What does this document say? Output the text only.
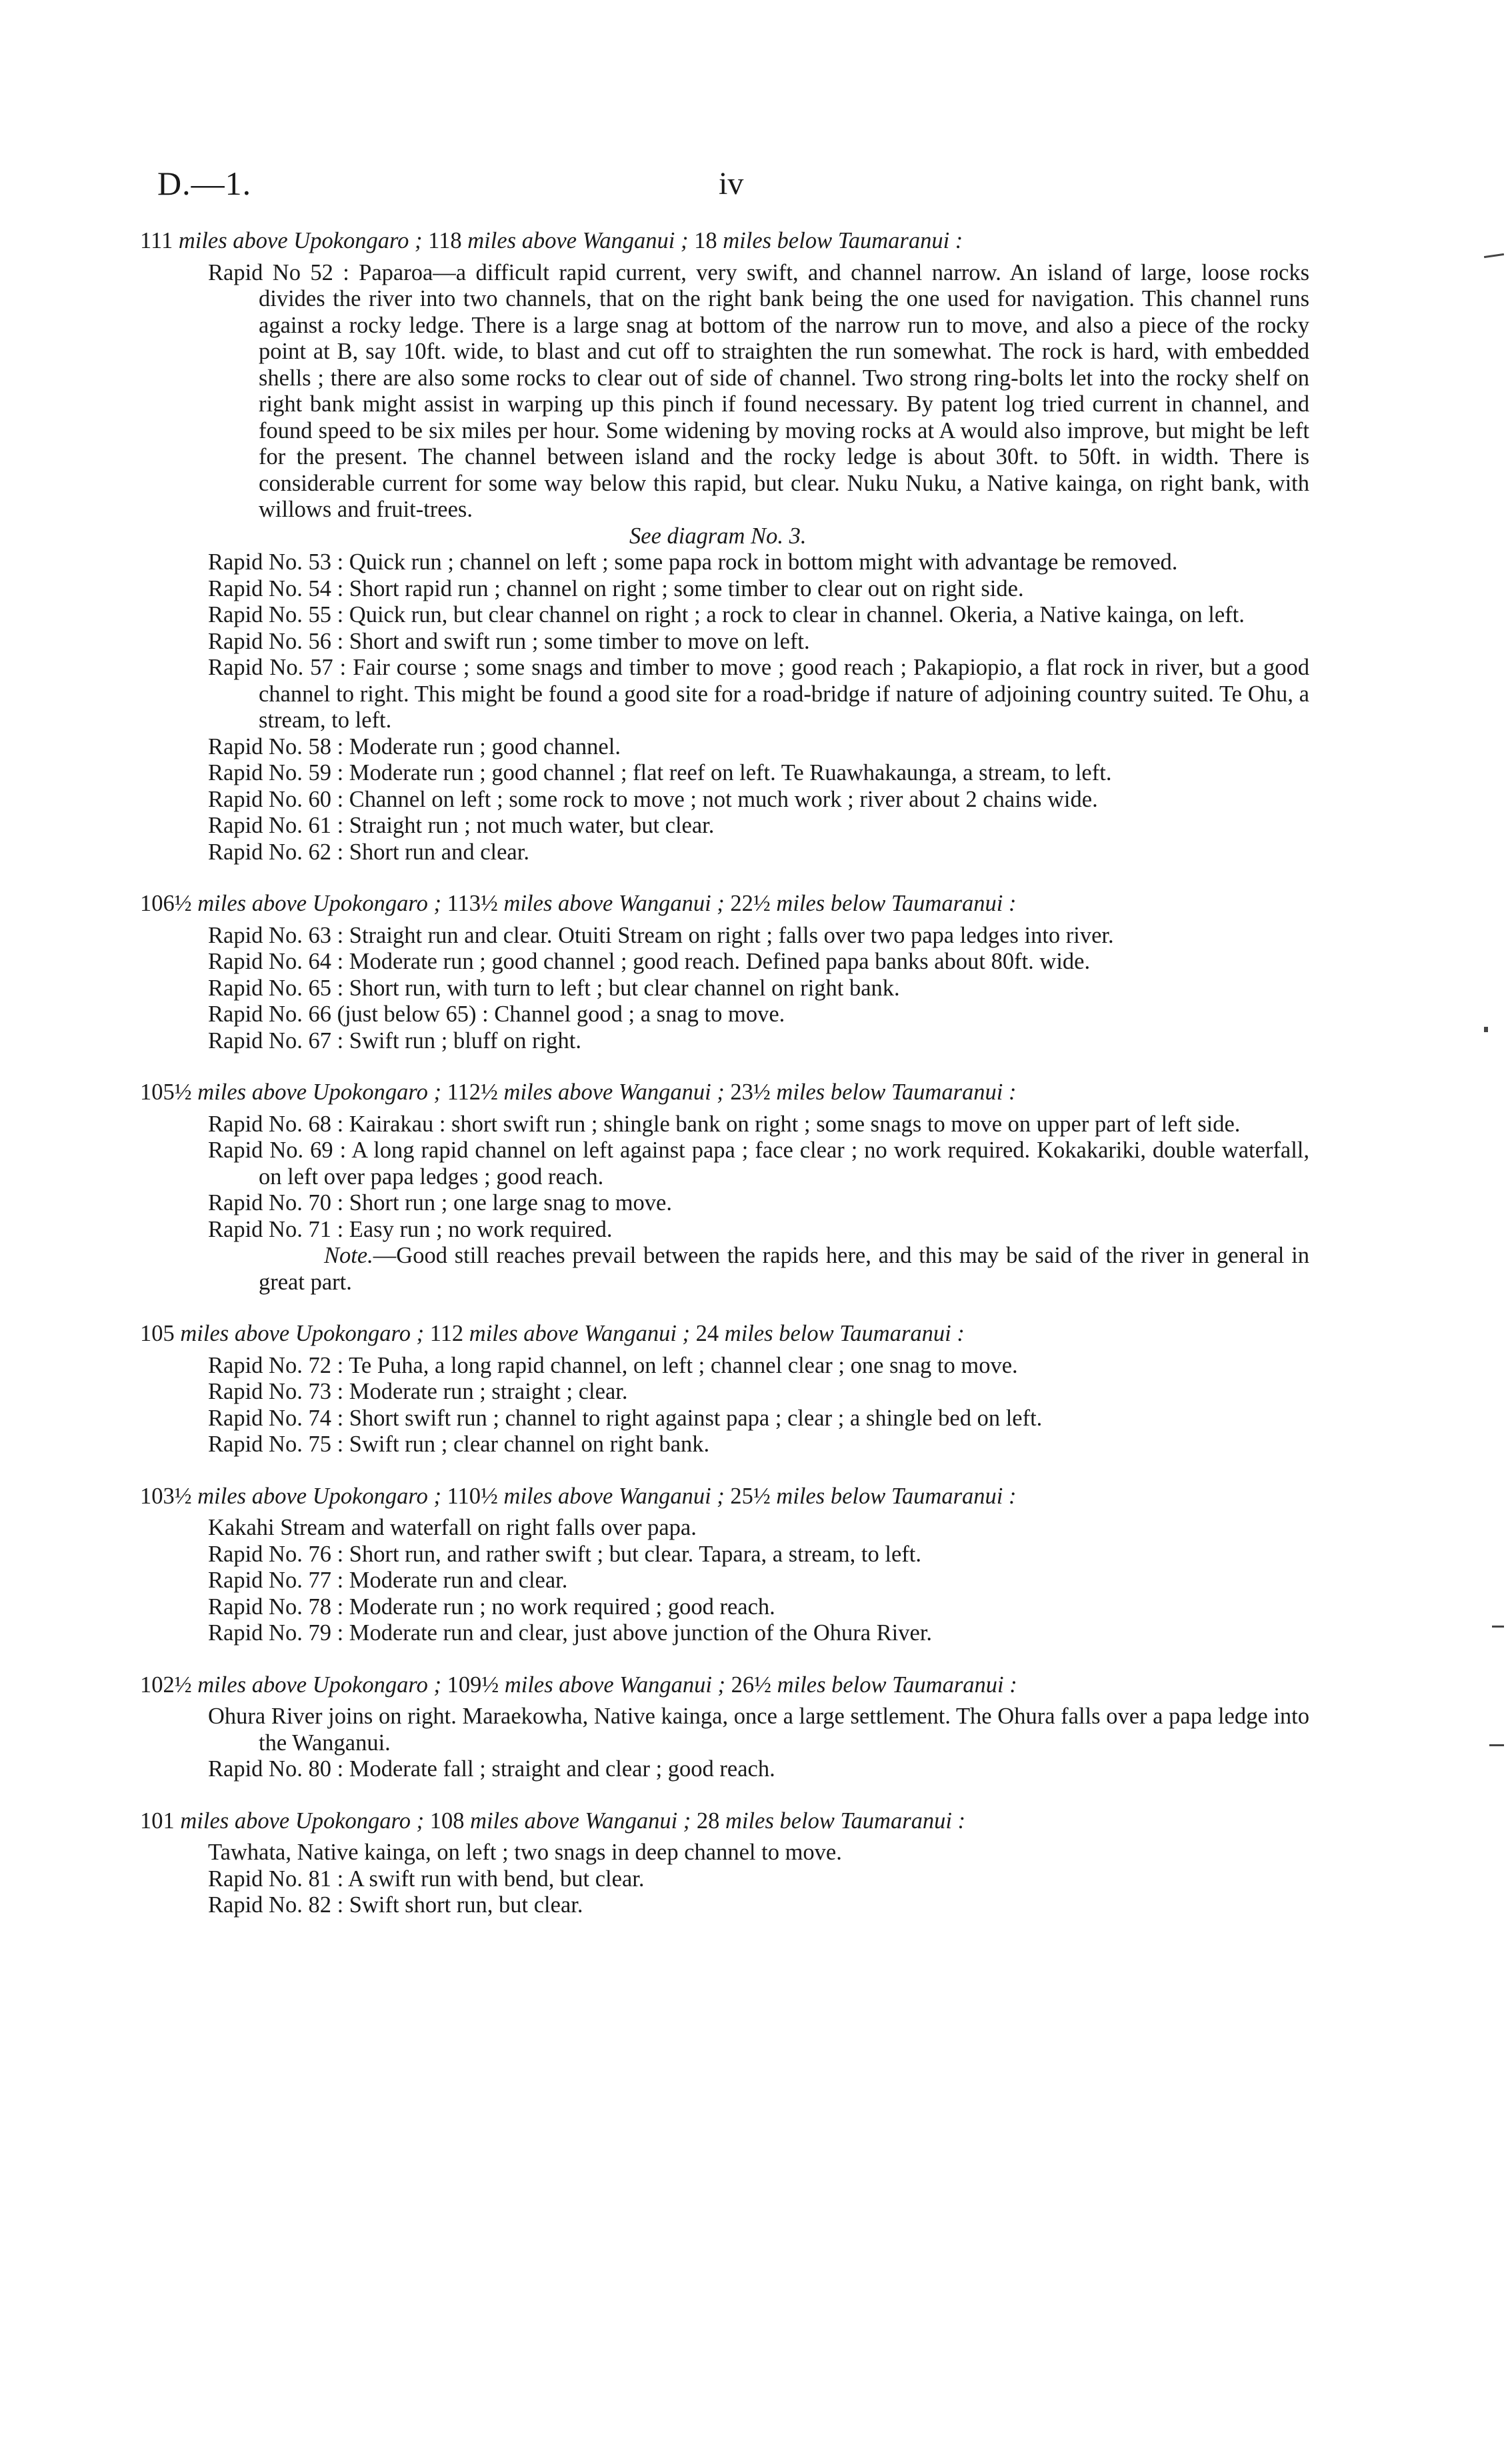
D.—1.	iv
111 miles above Upokongaro ; 118 miles above Wanganui ; 18 miles below Taumaranui :
Rapid No 52 : Paparoa—a difficult rapid current, very swift, and channel narrow. An island of large, loose rocks divides the river into two channels, that on the right bank being the one used for navigation. This channel runs against a rocky ledge. There is a large snag at bottom of the narrow run to move, and also a piece of the rocky point at B, say 10ft. wide, to blast and cut off to straighten the run somewhat. The rock is hard, with embedded shells ; there are also some rocks to clear out of side of channel. Two strong ring-bolts let into the rocky shelf on right bank might assist in warping up this pinch if found necessary. By patent log tried current in channel, and found speed to be six miles per hour. Some widening by moving rocks at A would also improve, but might be left for the present. The channel between island and the rocky ledge is about 30ft. to 50ft. in width. There is considerable current for some way below this rapid, but clear. Nuku Nuku, a Native kainga, on right bank, with willows and fruit-trees.
See diagram No. 3.
Rapid No. 53 : Quick run ; channel on left ; some papa rock in bottom might with advantage be removed.
Rapid No. 54 : Short rapid run ; channel on right ; some timber to clear out on right side.
Rapid No. 55 : Quick run, but clear channel on right ; a rock to clear in channel. Okeria, a Native kainga, on left.
Rapid No. 56 : Short and swift run ; some timber to move on left.
Rapid No. 57 : Fair course ; some snags and timber to move ; good reach ; Pakapiopio, a flat rock in river, but a good channel to right. This might be found a good site for a road-bridge if nature of adjoining country suited. Te Ohu, a stream, to left.
Rapid No. 58 : Moderate run ; good channel.
Rapid No. 59 : Moderate run ; good channel ; flat reef on left. Te Ruawhakaunga, a stream, to left.
Rapid No. 60 : Channel on left ; some rock to move ; not much work ; river about 2 chains wide.
Rapid No. 61 : Straight run ; not much water, but clear.
Rapid No. 62 : Short run and clear.
106½ miles above Upokongaro ; 113½ miles above Wanganui ; 22½ miles below Taumaranui :
Rapid No. 63 : Straight run and clear. Otuiti Stream on right ; falls over two papa ledges into river.
Rapid No. 64 : Moderate run ; good channel ; good reach. Defined papa banks about 80ft. wide.
Rapid No. 65 : Short run, with turn to left ; but clear channel on right bank.
Rapid No. 66 (just below 65) : Channel good ; a snag to move.
Rapid No. 67 : Swift run ; bluff on right.
105½ miles above Upokongaro ; 112½ miles above Wanganui ; 23½ miles below Taumaranui :
Rapid No. 68 : Kairakau : short swift run ; shingle bank on right ; some snags to move on upper part of left side.
Rapid No. 69 : A long rapid channel on left against papa ; face clear ; no work required. Kokakariki, double waterfall, on left over papa ledges ; good reach.
Rapid No. 70 : Short run ; one large snag to move.
Rapid No. 71 : Easy run ; no work required.
Note.—Good still reaches prevail between the rapids here, and this may be said of the river in general in great part.
105 miles above Upokongaro ; 112 miles above Wanganui ; 24 miles below Taumaranui :
Rapid No. 72 : Te Puha, a long rapid channel, on left ; channel clear ; one snag to move.
Rapid No. 73 : Moderate run ; straight ; clear.
Rapid No. 74 : Short swift run ; channel to right against papa ; clear ; a shingle bed on left.
Rapid No. 75 : Swift run ; clear channel on right bank.
103½ miles above Upokongaro ; 110½ miles above Wanganui ; 25½ miles below Taumaranui :
Kakahi Stream and waterfall on right falls over papa.
Rapid No. 76 : Short run, and rather swift ; but clear. Tapara, a stream, to left.
Rapid No. 77 : Moderate run and clear.
Rapid No. 78 : Moderate run ; no work required ; good reach.
Rapid No. 79 : Moderate run and clear, just above junction of the Ohura River.
102½ miles above Upokongaro ; 109½ miles above Wanganui ; 26½ miles below Taumaranui :
Ohura River joins on right. Maraekowha, Native kainga, once a large settlement. The Ohura falls over a papa ledge into the Wanganui.
Rapid No. 80 : Moderate fall ; straight and clear ; good reach.
101 miles above Upokongaro ; 108 miles above Wanganui ; 28 miles below Taumaranui :
Tawhata, Native kainga, on left ; two snags in deep channel to move.
Rapid No. 81 : A swift run with bend, but clear.
Rapid No. 82 : Swift short run, but clear.
